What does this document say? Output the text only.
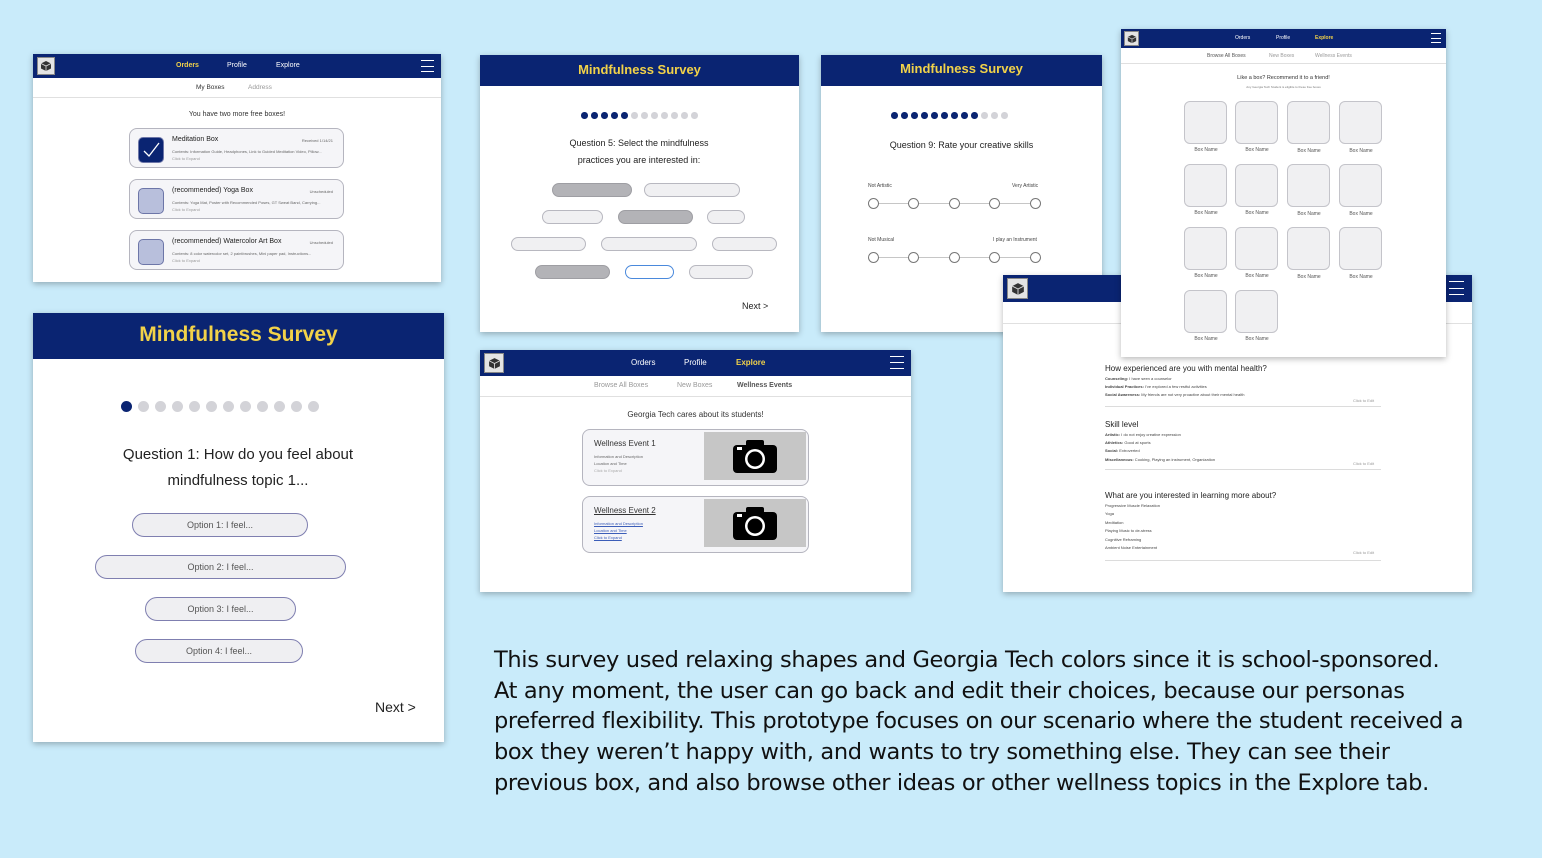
Orders	Profile	Explore
My Boxes	Address
You have two more free boxes!
Meditation Box	Received 1/14/21
Contents: Information Guide, Headphones, Link to Guided Meditation Video, Pillow...
Click to Expand
(recommended) Yoga Box	Unscheduled
Contents: Yoga Mat, Poster with Recommended Poses, GT Sweat Band, Carrying...
Click to Expand
(recommended) Watercolor Art Box	Unscheduled
Contents: 8 color watercolor set, 2 paintbrushes, Mini paper pad, Instructions...
Click to Expand
Mindfulness Survey
Question 1: How do you feel about mindfulness topic 1...
Option 1: I feel...
Option 2: I feel...
Option 3: I feel...
Option 4: I feel...
Next >
Mindfulness Survey
Question 5: Select the mindfulness practices you are interested in:
Next >
Mindfulness Survey
Question 9: Rate your creative skills
Not Artistic	Very Artistic
Not Musical	I play an Instrument
Orders	Profile	Explore
Browse All Boxes	New Boxes	Wellness Events
Georgia Tech cares about its students!
Wellness Event 1
Information and Description
Location and Time
Click to Expand
Wellness Event 2
Information and Description
Location and Time
Click to Expand
How experienced are you with mental health?
Counseling: I have seen a counselor
Individual Practices: I've explored a few restful activities
Social Awareness: My friends are not very proactive about their mental health
Click to Edit
Skill level
Artistic: I do not enjoy creative expression
Athletics: Good at sports
Social: Extroverted
Miscellaneous: Cooking, Playing an instrument, Organization
Click to Edit
What are you interested in learning more about?
Progressive Muscle Relaxation
Yoga
Meditation
Playing Music to de-stress
Cognitive Reframing
Ambient Noise Entertainment
Click to Edit
Orders	Profile	Explore
Browse All Boxes	New Boxes	Wellness Events
Like a box? Recommend it to a friend!
Any Georgia Tech Student is eligible to these free boxes
Box Name	Box Name	Box Name	Box Name
Box Name	Box Name	Box Name	Box Name
Box Name	Box Name	Box Name	Box Name
Box Name	Box Name
This survey used relaxing shapes and Georgia Tech colors since it is school-sponsored. At any moment, the user can go back and edit their choices, because our personas preferred flexibility. This prototype focuses on our scenario where the student received a box they weren’t happy with, and wants to try something else. They can see their previous box, and also browse other ideas or other wellness topics in the Explore tab.
